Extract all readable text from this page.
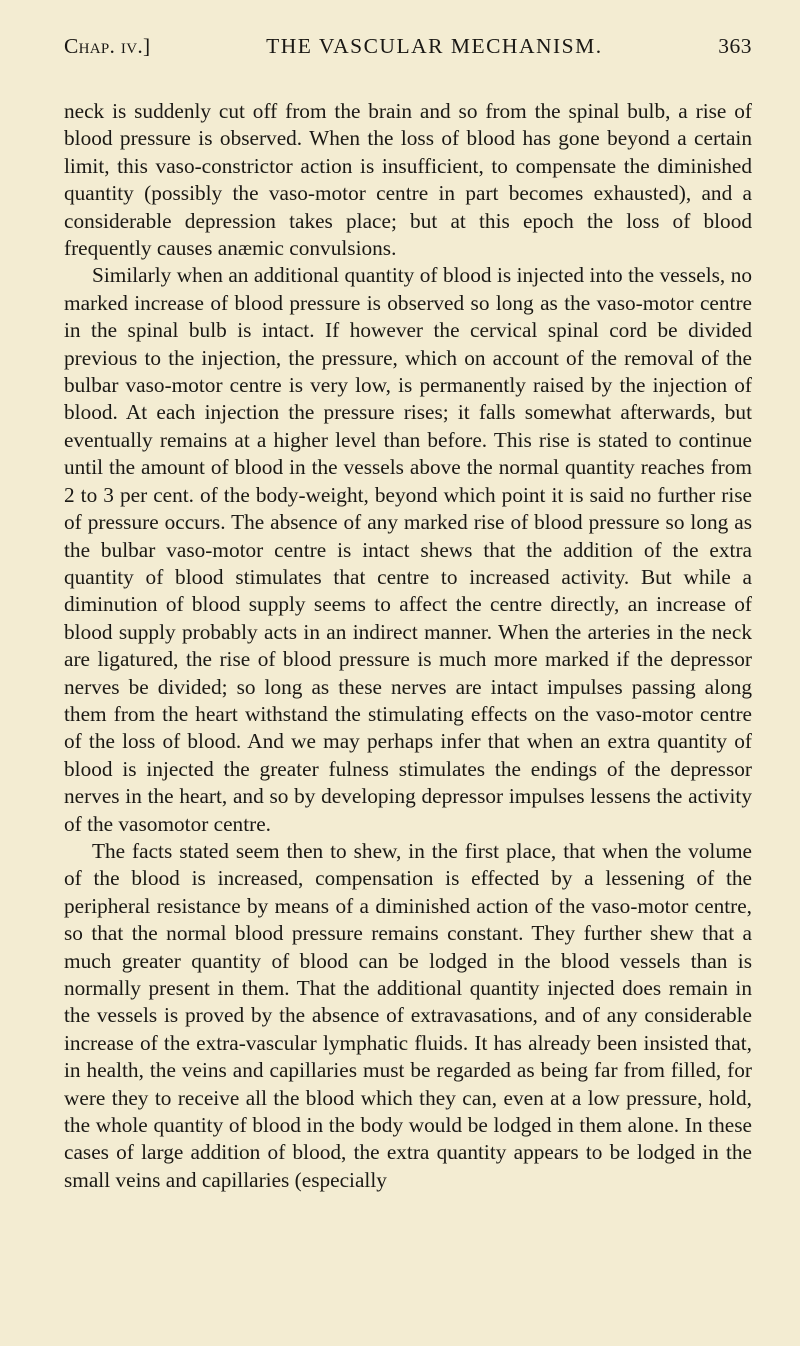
Chap. iv.]	THE VASCULAR MECHANISM.	363

neck is suddenly cut off from the brain and so from the spinal bulb, a rise of blood pressure is observed. When the loss of blood has gone beyond a certain limit, this vaso-constrictor action is insufficient, to compensate the diminished quantity (possibly the vaso-motor centre in part becomes exhausted), and a considerable depression takes place; but at this epoch the loss of blood frequently causes anæmic convulsions.

Similarly when an additional quantity of blood is injected into the vessels, no marked increase of blood pressure is observed so long as the vaso-motor centre in the spinal bulb is intact. If however the cervical spinal cord be divided previous to the injection, the pressure, which on account of the removal of the bulbar vaso-motor centre is very low, is permanently raised by the injection of blood. At each injection the pressure rises; it falls somewhat afterwards, but eventually remains at a higher level than before. This rise is stated to continue until the amount of blood in the vessels above the normal quantity reaches from 2 to 3 per cent. of the body-weight, beyond which point it is said no further rise of pressure occurs. The absence of any marked rise of blood pressure so long as the bulbar vaso-motor centre is intact shews that the addition of the extra quantity of blood stimulates that centre to increased activity. But while a diminution of blood supply seems to affect the centre directly, an increase of blood supply probably acts in an indirect manner. When the arteries in the neck are ligatured, the rise of blood pressure is much more marked if the depressor nerves be divided; so long as these nerves are intact impulses passing along them from the heart withstand the stimulating effects on the vaso-motor centre of the loss of blood. And we may perhaps infer that when an extra quantity of blood is injected the greater fulness stimulates the endings of the depressor nerves in the heart, and so by developing depressor impulses lessens the activity of the vasomotor centre.

The facts stated seem then to shew, in the first place, that when the volume of the blood is increased, compensation is effected by a lessening of the peripheral resistance by means of a diminished action of the vaso-motor centre, so that the normal blood pressure remains constant. They further shew that a much greater quantity of blood can be lodged in the blood vessels than is normally present in them. That the additional quantity injected does remain in the vessels is proved by the absence of extravasations, and of any considerable increase of the extra-vascular lymphatic fluids. It has already been insisted that, in health, the veins and capillaries must be regarded as being far from filled, for were they to receive all the blood which they can, even at a low pressure, hold, the whole quantity of blood in the body would be lodged in them alone. In these cases of large addition of blood, the extra quantity appears to be lodged in the small veins and capillaries (especially
